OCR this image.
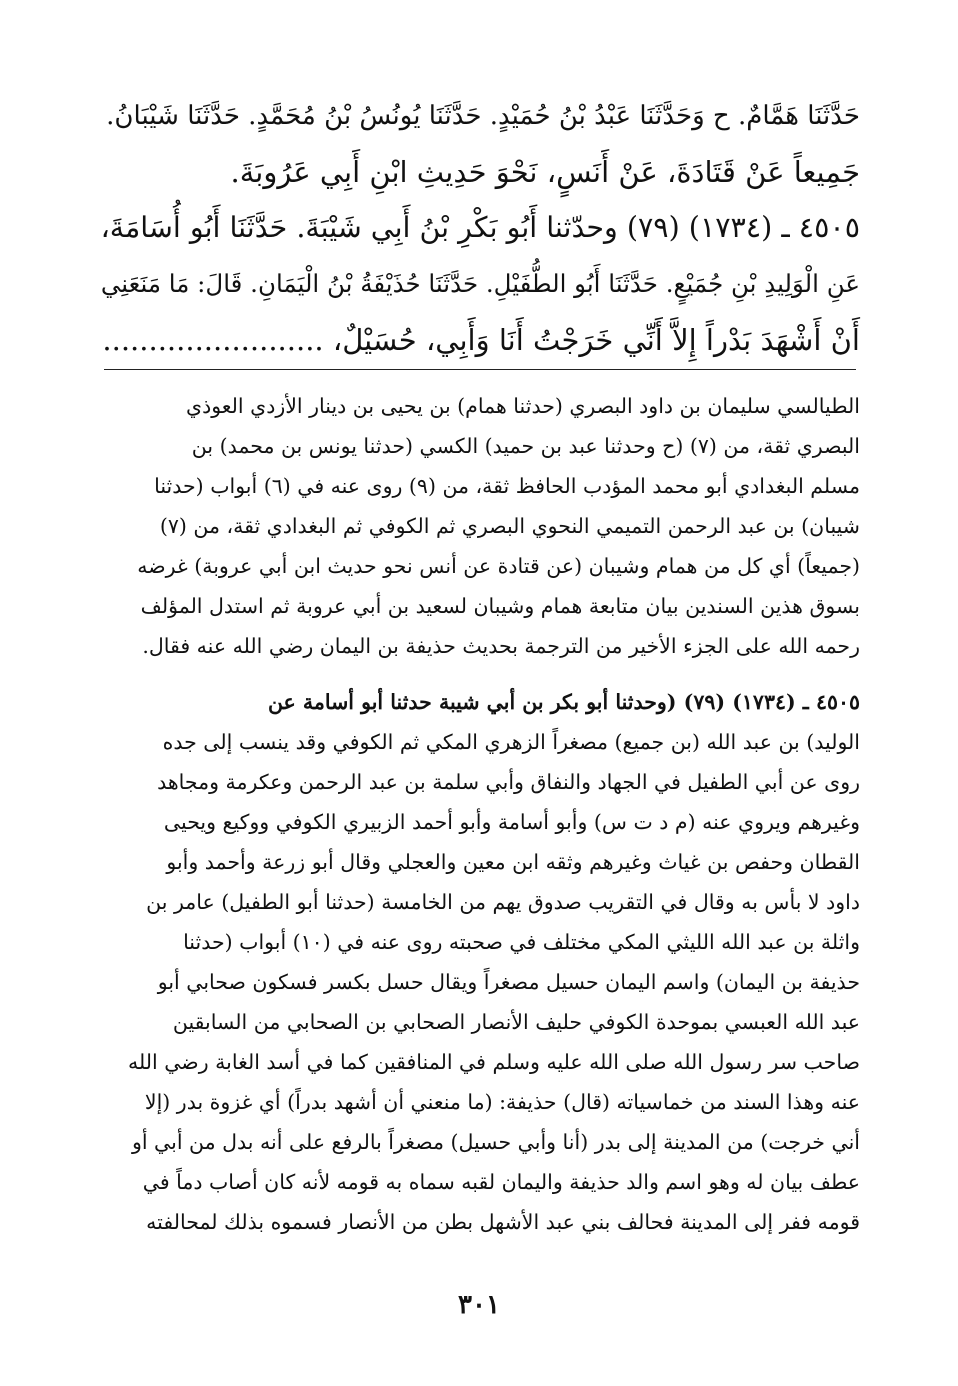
حَدَّثَنَا هَمَّامٌ. ح وَحَدَّثَنَا عَبْدُ بْنُ حُمَيْدٍ. حَدَّثَنَا يُونُسُ بْنُ مُحَمَّدٍ. حَدَّثَنَا شَيْبَانُ.
جَمِيعاً عَنْ قَتَادَةَ، عَنْ أَنَسٍ، نَحْوَ حَدِيثِ ابْنِ أَبِي عَرُوبَةَ.
٤٥٠٥ ـ (١٧٣٤) (٧٩) وحدّثنا أَبُو بَكْرِ بْنُ أَبِي شَيْبَةَ. حَدَّثَنَا أَبُو أُسَامَةَ،
عَنِ الْوَلِيدِ بْنِ جُمَيْعٍ. حَدَّثَنَا أَبُو الطُّفَيْلِ. حَدَّثَنَا حُذَيْفَةُ بْنُ الْيَمَانِ. قَالَ: مَا مَنَعَنِي
أَنْ أَشْهَدَ بَدْراً إِلاَّ أَنِّي خَرَجْتُ أَنَا وَأَبِي، حُسَيْلٌ، ........................
الطيالسي سليمان بن داود البصري (حدثنا همام) بن يحيى بن دينار الأزدي العوذي
البصري ثقة، من (٧) (ح وحدثنا عبد بن حميد) الكسي (حدثنا يونس بن محمد) بن
مسلم البغدادي أبو محمد المؤدب الحافظ ثقة، من (٩) روى عنه في (٦) أبواب (حدثنا
شيبان) بن عبد الرحمن التميمي النحوي البصري ثم الكوفي ثم البغدادي ثقة، من (٧)
(جميعاً) أي كل من همام وشيبان (عن قتادة عن أنس نحو حديث ابن أبي عروبة) غرضه
بسوق هذين السندين بيان متابعة همام وشيبان لسعيد بن أبي عروبة ثم استدل المؤلف
رحمه الله على الجزء الأخير من الترجمة بحديث حذيفة بن اليمان رضي الله عنه فقال.
٤٥٠٥ ـ (١٧٣٤) (٧٩) (وحدثنا أبو بكر بن أبي شيبة حدثنا أبو أسامة عن
الوليد) بن عبد الله (بن جميع) مصغراً الزهري المكي ثم الكوفي وقد ينسب إلى جده
روى عن أبي الطفيل في الجهاد والنفاق وأبي سلمة بن عبد الرحمن وعكرمة ومجاهد
وغيرهم ويروي عنه (م د ت س) وأبو أسامة وأبو أحمد الزبيري الكوفي ووكيع ويحيى
القطان وحفص بن غياث وغيرهم وثقه ابن معين والعجلي وقال أبو زرعة وأحمد وأبو
داود لا بأس به وقال في التقريب صدوق يهم من الخامسة (حدثنا أبو الطفيل) عامر بن
واثلة بن عبد الله الليثي المكي مختلف في صحبته روى عنه في (١٠) أبواب (حدثنا
حذيفة بن اليمان) واسم اليمان حسيل مصغراً ويقال حسل بكسر فسكون صحابي أبو
عبد الله العبسي بموحدة الكوفي حليف الأنصار الصحابي بن الصحابي من السابقين
صاحب سر رسول الله صلى الله عليه وسلم في المنافقين كما في أسد الغابة رضي الله
عنه وهذا السند من خماسياته (قال) حذيفة: (ما منعني أن أشهد بدراً) أي غزوة بدر (إلا
أني خرجت) من المدينة إلى بدر (أنا وأبي حسيل) مصغراً بالرفع على أنه بدل من أبي أو
عطف بيان له وهو اسم والد حذيفة واليمان لقبه سماه به قومه لأنه كان أصاب دماً في
قومه ففر إلى المدينة فحالف بني عبد الأشهل بطن من الأنصار فسموه بذلك لمحالفته
٣٠١
